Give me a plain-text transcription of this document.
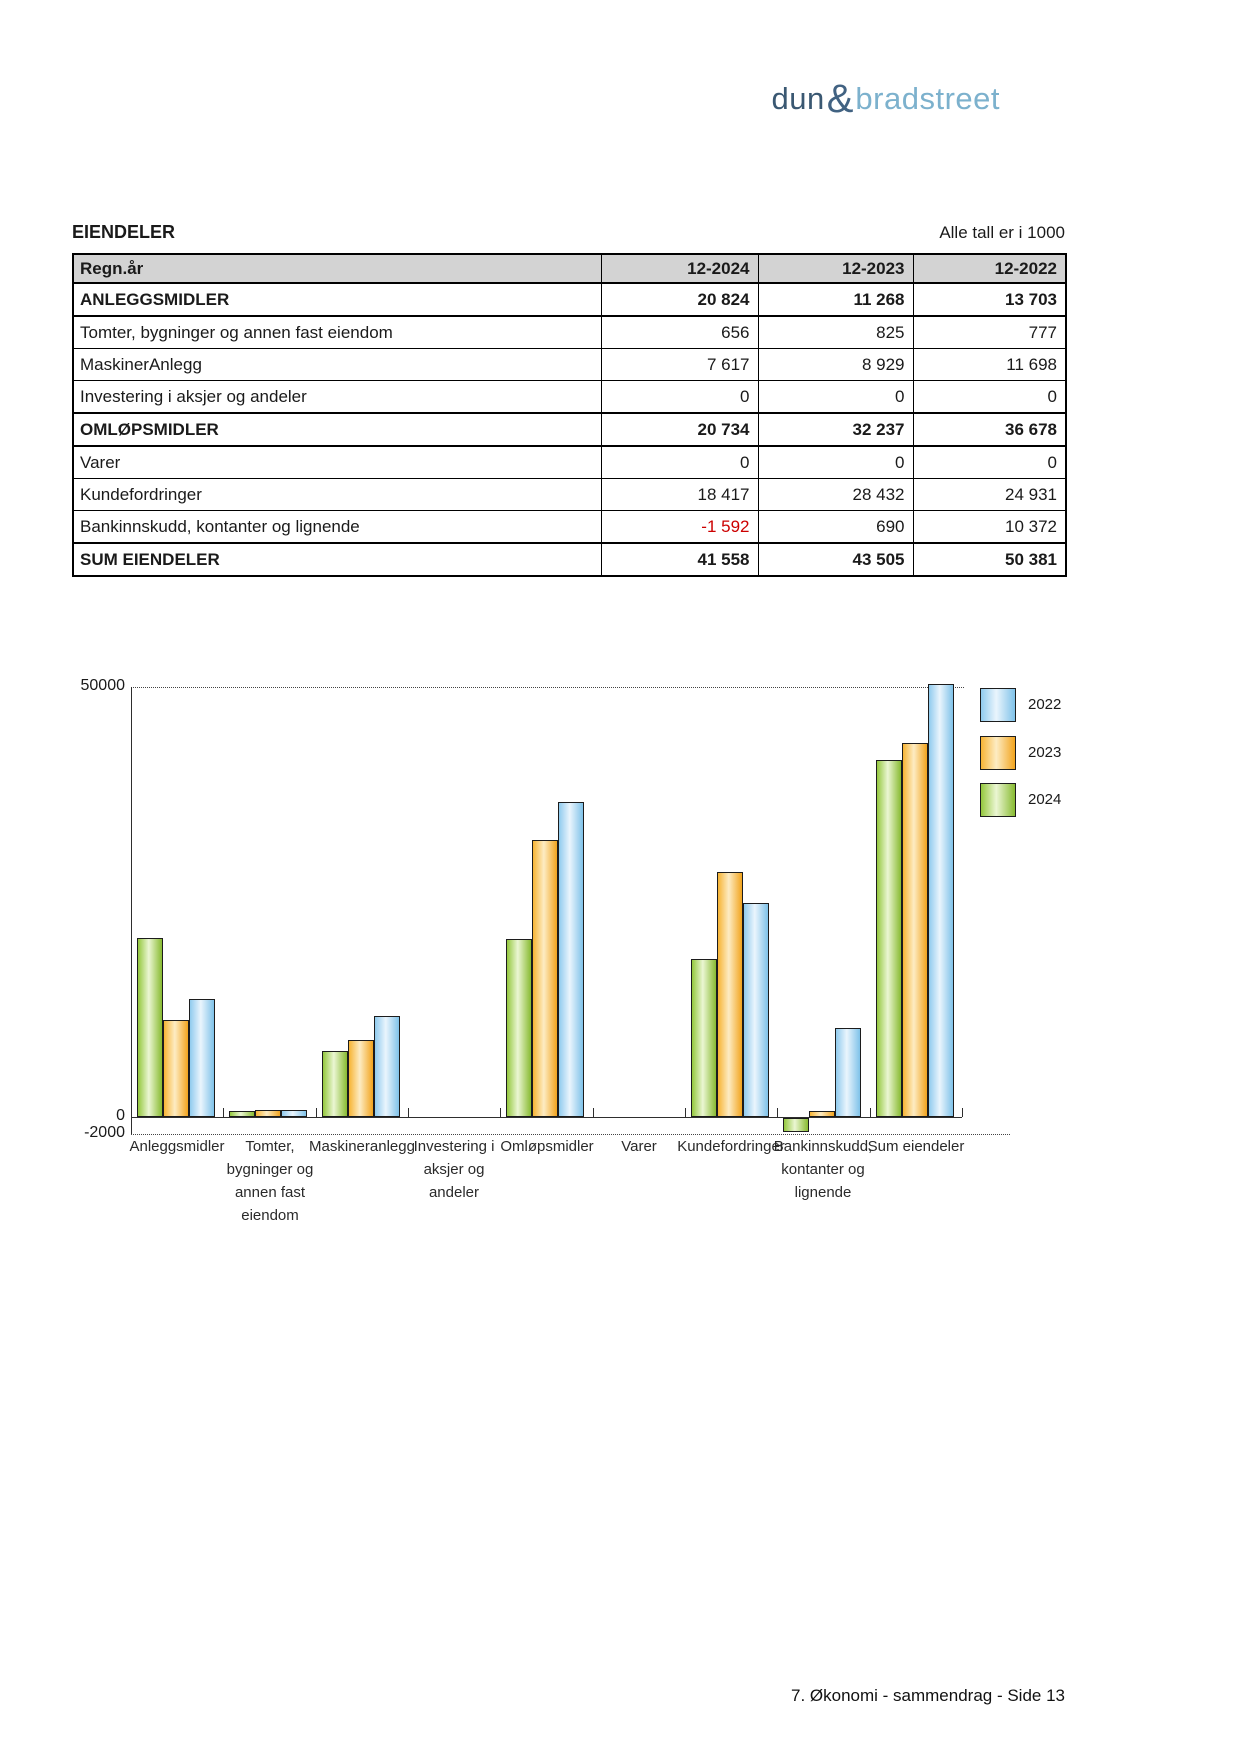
dun & bradstreet
EIENDELER	Alle tall er i 1000
Regn.år	12-2024	12-2023	12-2022
ANLEGGSMIDLER	20 824	11 268	13 703
Tomter, bygninger og annen fast eiendom	656	825	777
MaskinerAnlegg	7 617	8 929	11 698
Investering i aksjer og andeler	0	0	0
OMLØPSMIDLER	20 734	32 237	36 678
Varer	0	0	0
Kundefordringer	18 417	28 432	24 931
Bankinnskudd, kontanter og lignende	-1 592	690	10 372
SUM EIENDELER	41 558	43 505	50 381
50000
0
-2000
Anleggsmidler	Tomter,
bygninger og
annen fast
eiendom
Maskineranlegg
Investering i
aksjer og
andeler
Omløpsmidler Varer Kundefordringer
Bankinnskudd,
kontanter og
lignende
Sum eiendeler
2022
2023
2024
7. Økonomi - sammendrag - Side 13
